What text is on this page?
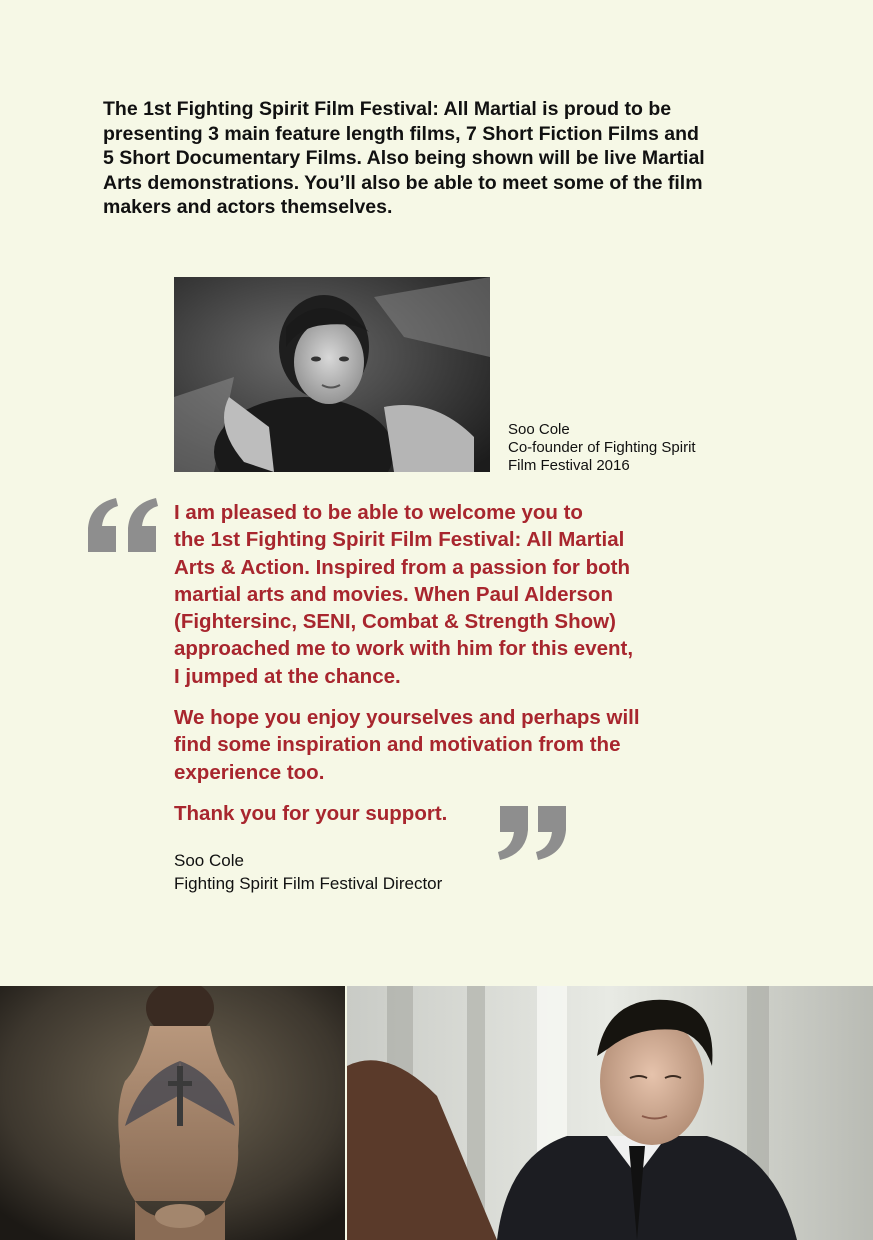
The 1st Fighting Spirit Film Festival: All Martial is proud to be
presenting 3 main feature length films, 7 Short Fiction Films and
5 Short Documentary Films. Also being shown will be live Martial
Arts demonstrations. You’ll also be able to meet some of the film
makers and actors themselves.
Soo Cole
Co-founder of Fighting Spirit
Film Festival 2016

I am pleased to be able to welcome you to
the 1st Fighting Spirit Film Festival: All Martial
Arts & Action. Inspired from a passion for both
martial arts and movies. When Paul Alderson
(Fightersinc, SENI, Combat & Strength Show)
approached me to work with him for this event,
I jumped at the chance.

We hope you enjoy yourselves and perhaps will
find some inspiration and motivation from the
experience too.

Thank you for your support.

Soo Cole
Fighting Spirit Film Festival Director
